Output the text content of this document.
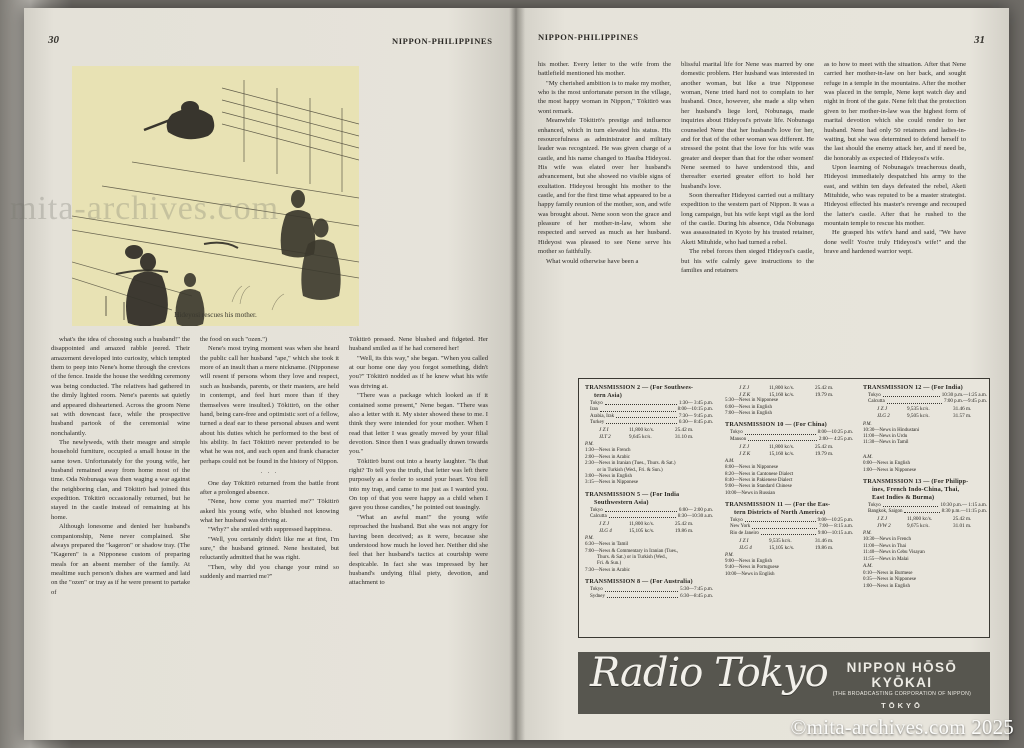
30	NIPPON-PHILIPPINES
Hideyosi rescues his mother.

what's the idea of choosing such a husband!" the disappointed and amazed rabble jeered. Their amazement developed into curiosity, which tempted them to peep into Nene's home through the crevices of the fence. Inside the house the wedding ceremony was being conducted. The relatives had gathered in the dimly lighted room. Nene's parents sat quietly and appeared disheartened. Across the groom Nene sat with downcast face, while the prospective husband partook of the ceremonial wine nonchalantly.

The newlyweds, with their meagre and simple household furniture, occupied a small house in the same town. Unfortunately for the young wife, her husband remained away from home most of the time. Oda Nobunaga was then waging a war against the neighboring clan, and Tōkitirō had joined this expedition. Tōkitirō occasionally returned, but he stayed in the castle instead of remaining at his home.

Although lonesome and denied her husband's companionship, Nene never complained. She always prepared the "kageron" or shadow tray. (The "Kageren" is a Nipponese custom of preparing meals for an absent member of the family. At mealtime such person's dishes are warmed and laid on the "ozen" or tray as if he were present to partake of

the food on such "ozen.")

Nene's most trying moment was when she heard the public call her husband "ape," which she took it more of an insult than a mere nickname. (Nipponese will resent if persons whom they love and respect, such as husbands, parents, or their masters, are held in contempt, and feel hurt more than if they themselves were insulted.) Tōkitirō, on the other hand, being care-free and optimistic sort of a fellow, turned a deaf ear to these personal abuses and went about his duties which he performed to the best of his ability. In fact Tōkitirō never pretended to be what he was not, and such open and frank character perhaps could not be found in the history of Nippon.

. . .

One day Tōkitirō returned from the battle front after a prolonged absence.

"Nene, how come you married me?" Tōkitirō asked his young wife, who blushed not knowing what her husband was driving at.

"Why?" she smiled with suppressed happiness.

"Well, you certainly didn't like me at first, I'm sure," the husband grinned. Nene hesitated, but reluctantly admitted that he was right.

"Then, why did you change your mind so suddenly and married me?"

Tōkitirō pressed. Nene blushed and fidgeted. Her husband smiled as if he had cornered her!

"Well, its this way," she began. "When you called at our home one day you forgot something, didn't you?" Tōkitirō nodded as if he knew what his wife was driving at.

"There was a package which looked as if it contained some present," Nene began. "There was also a letter with it. My sister showed these to me. I think they were intended for your mother. When I read that letter I was greatly moved by your filial devotion. Since then I was gradually drawn towards you."

Tōkitirō burst out into a hearty laughter. "Is that right? To tell you the truth, that letter was left there purposely as a feeler to sound your heart. You fell into my trap, and came to me just as I wanted you. On top of that you were happy as a child when I gave you those candies," he pointed out teasingly.

"What an awful man!" the young wife reproached the husband. But she was not angry for having been deceived; as it were, because she understood how much he loved her. Neither did she feel that her husband's tactics at courtship were despicable. In fact she was impressed by her husband's undying filial piety, devotion, and attachment to

NIPPON-PHILIPPINES	31

his mother. Every letter to the wife from the battlefield mentioned his mother.

"My cherished ambition is to make my mother, who is the most unfortunate person in the village, the most happy woman in Nippon," Tōkitirō was wont remark.

Meanwhile Tōkitirō's prestige and influence enhanced, which in turn elevated his status. His resourcefulness as administrator and military leader was recognized. He was given charge of a castle, and his name changed to Hasiba Hideyosi. His wife was elated over her husband's advancement, but she showed no visible signs of exultation. Hideyosi brought his mother to the castle, and for the first time what appeared to be a happy family reunion of the mother, son, and wife was brought about. Nene soon won the grace and pleasure of her mother-in-law, whom she respected and served as much as her husband. Hideyosi was pleased to see Nene serve his mother so faithfully.

What would otherwise have been a

blissful marital life for Nene was marred by one domestic problem. Her husband was interested in another woman, but like a true Nipponese woman, Nene tried hard not to complain to her husband. Once, however, she made a slip when her husband's liege lord, Nobunaga, made inquiries about Hideyosi's private life. Nobunaga counseled Nene that her husband's love for her, and for that of the other woman was different. He stressed the point that the love for his wife was greater and deeper than that for the other women! Nene seemed to have understood this, and thereafter exerted greater effort to hold her husband's love.

Soon thereafter Hideyosi carried out a military expedition to the western part of Nippon. It was a long campaign, but his wife kept vigil as the lord of the castle. During his absence, Oda Nobunaga was assassinated in Kyoto by his trusted retainer, Aketi Mituhide, who had turned a rebel.

The rebel forces then sieged Hideyosi's castle, but his wife calmly gave instructions to the families and retainers

as to how to meet with the situation. After that Nene carried her mother-in-law on her back, and sought refuge in a temple in the mountains. After the mother was placed in the temple, Nene kept watch day and night in front of the gate. Nene felt that the protection given to her mother-in-law was the highest form of marital devotion which she could render to her husband. Nene had only 50 retainers and ladies-in-waiting, but she was determined to defend herself to the last should the enemy attack her, and if need be, die honorably as expected of Hideyosi's wife.

Upon learning of Nobunaga's treacherous death, Hideyosi immediately despatched his army to the east, and within ten days defeated the rebel, Aketi Mituhide, who was reputed to be a master strategist. Hideyosi effected his master's revenge and recouped the latter's castle. After that he rushed to the mountain temple to rescue his mother.

He grasped his wife's hand and said, "We have done well! You're truly Hideyosi's wife!" and the brave and hardened warrior wept.

TRANSMISSION 2 — (For Southwes-
tern Asia)
Tokyo	1:30— 3:45 p.m.
Iran	8:00—10:15 p.m.
Arabia, Irak	7:30— 9:45 p.m.
Turkey	6:30— 8:45 p.m.
J Z I	11,800 kc/s.	25.42 m.
JLT 2	9,645 kc/s.	31.10 m.
P.M.
1:30—News in French
2:00—News in Arabic
2:30—News in Iranian (Tues., Thurs. & Sat.)
or in Turkish (Wed., Fri. & Sun.)
3:00—News in English
3:15—News in Nipponese
TRANSMISSION 5 — (For India
Southwestern Asia)
Tokyo	6:00— 2:00 p.m.
Calcutta	8:30—10:30 a.m.
J Z J	11,800 kc/s.	25.42 m.
JLG 4	15,105 kc/s.	19.86 m.
P.M.
6:30—News in Tamil
7:00—News & Commentary in Iranian (Tues.,
Thurs. & Sat.) or in Turkish (Wed.,
Fri. & Sun.)
7:30—News in Arabic
TRANSMISSION 8 — (For Australia)
Tokyo	5:30—7:45 p.m.
Sydney	6:30—8:45 p.m.
J Z J	11,800 kc/s.	25.42 m.
J Z K	15,160 kc/s.	19.79 m.
5:30—News in Nipponese
6:00—News in English
7:00—News in English
TRANSMISSION 10 — (For China)
Tokyo	8:00—10:25 p.m.
Manson	2:00— 4:25 p.m.
J Z J	11,800 kc/s.	25.42 m.
J Z K	15,160 kc/s.	19.79 m.
A.M.
8:00—News in Nipponese
8:20—News in Cantonese Dialect
8:40—News in Pakienese Dialect
9:00—News in Standard Chinese
10:00—News in Russian
TRANSMISSION 11 — (For the Eas-
tern Districts of North America)
Tokyo	9:00—10:25 p.m.
New York	7:00— 8:15 a.m.
Rio de Janeiro	9:00—10:15 a.m.
J Z I	9,535 kc/s.	31.46 m.
JLG 4	15,105 kc/s.	19.86 m.
P.M.
9:00—News in English
9:40—News in Portuguese
10:00—News in English
TRANSMISSION 12 — (For India)
Tokyo	10:30 p.m.—1:25 a.m.
Calcutta	7:00 p.m.—9:45 p.m.
J Z J	9,535 kc/s.	31.46 m.
JLG 2	9,505 kc/s.	31.57 m.
P.M.
10:30—News in Hindustani
11:00—News in Urdu
11:30—News in Tamil

A.M.
0:00—News in English
1:00—News in Nipponese
TRANSMISSION 13 — (For Philipp-
ines, French Indo-China, Thai,
East Indies & Burma)
Tokyo	10:30 p.m.— 1:15 a.m.
Bangkok, Saigon	8:30 p.m.—11:15 p.m.
J Z J	11,800 kc/s.	25.42 m.
JVW 2	9,675 kc/s.	31.01 m.
P.M.
10:30—News in French
11:00—News in Thai
11:40—News in Cebu Visayan
11:55—News in Malai
A.M.
0:10—News in Burmese
0:35—News in Nipponese
1:00—News in English
Radio Tokyo	NIPPON HŌSŌ KYŌKAI
(THE BROADCASTING CORPORATION OF NIPPON)
TŌKYŌ
mita-archives.com
©mita-archives.com 2025
